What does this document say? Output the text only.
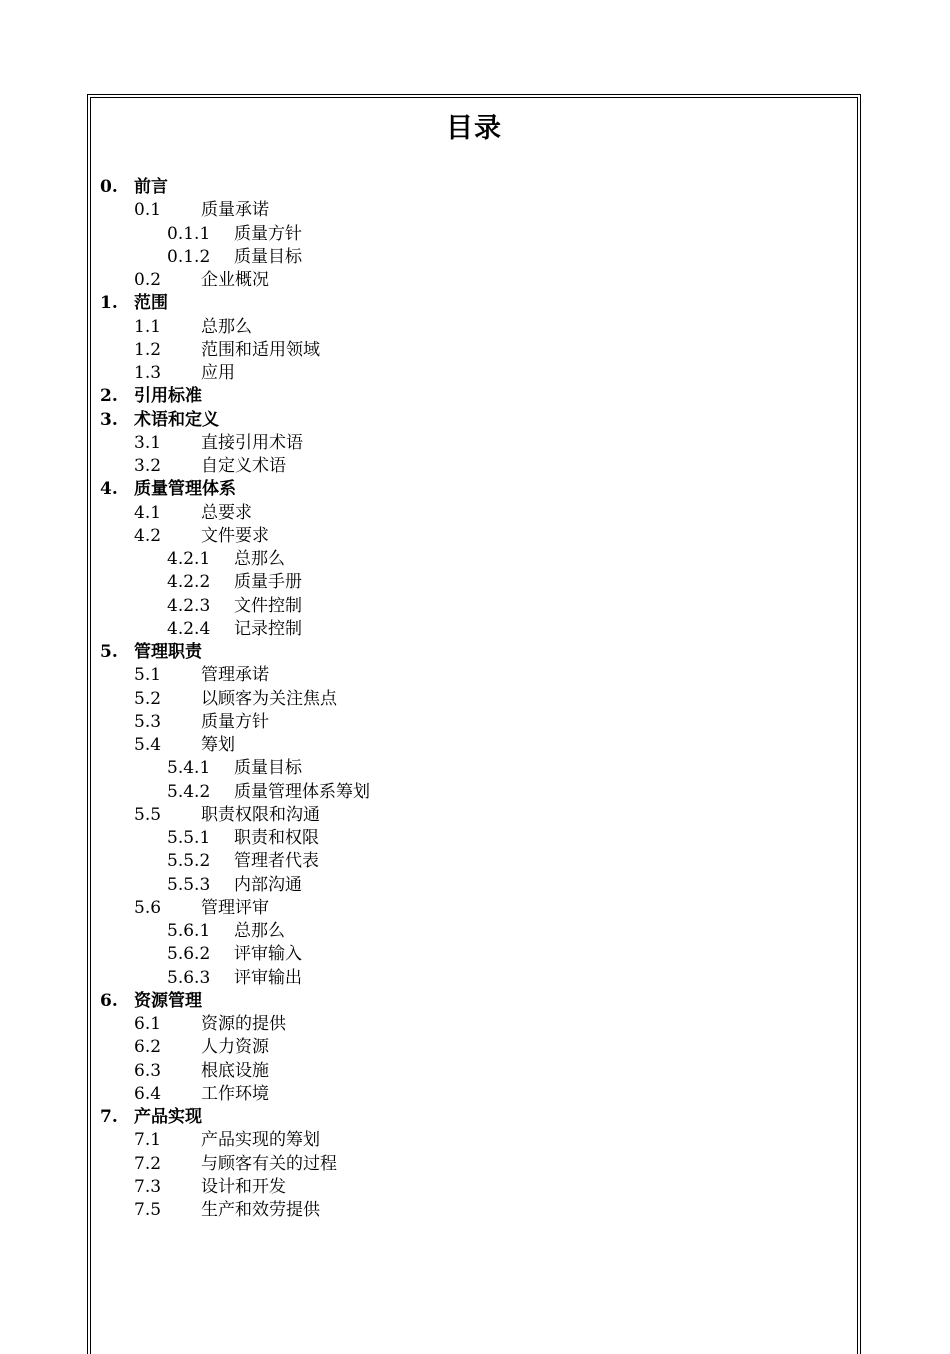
目录
0. 前言
0.1 质量承诺
0.1.1 质量方针
0.1.2 质量目标
0.2 企业概况
1. 范围
1.1 总那么
1.2 范围和适用领域
1.3 应用
2. 引用标准
3. 术语和定义
3.1 直接引用术语
3.2 自定义术语
4. 质量管理体系
4.1 总要求
4.2 文件要求
4.2.1 总那么
4.2.2 质量手册
4.2.3 文件控制
4.2.4 记录控制
5. 管理职责
5.1 管理承诺
5.2 以顾客为关注焦点
5.3 质量方针
5.4 筹划
5.4.1 质量目标
5.4.2 质量管理体系筹划
5.5 职责权限和沟通
5.5.1 职责和权限
5.5.2 管理者代表
5.5.3 内部沟通
5.6 管理评审
5.6.1 总那么
5.6.2 评审输入
5.6.3 评审输出
6. 资源管理
6.1 资源的提供
6.2 人力资源
6.3 根底设施
6.4 工作环境
7. 产品实现
7.1 产品实现的筹划
7.2 与顾客有关的过程
7.3 设计和开发
7.5 生产和效劳提供
